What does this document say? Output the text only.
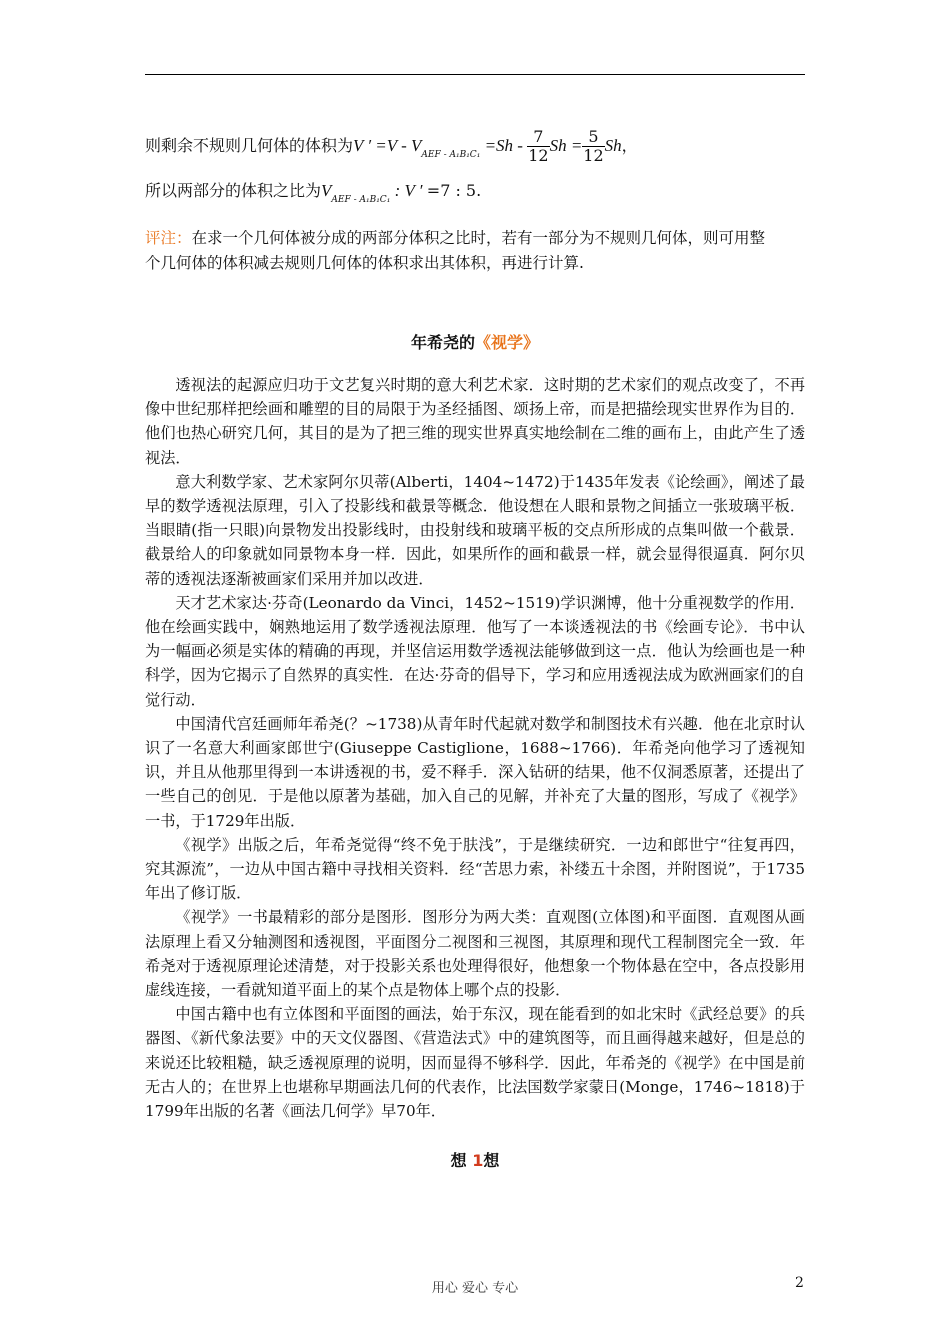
则剩余不规则几何体的体积为V ′ $=V - V_{AEF - A_1B_1C_1} =Sh - \frac{7}{12}$ $Sh = \frac{5}{12}$ Sh，
所以两部分的体积之比为$V_{AEF - A_1B_1C_1}$ : V ′ =7 : 5.
评注：在求一个几何体被分成的两部分体积之比时，若有一部分为不规则几何体，则可用整
个几何体的体积减去规则几何体的体积求出其体积，再进行计算.
年希尧的《视学》

透视法的起源应归功于文艺复兴时期的意大利艺术家．这时期的艺术家们的观点改变了，不再像中世纪那样把绘画和雕塑的目的局限于为圣经插图、颂扬上帝，而是把描绘现实世界作为目的．他们也热心研究几何，其目的是为了把三维的现实世界真实地绘制在二维的画布上，由此产生了透视法．

意大利数学家、艺术家阿尔贝蒂(Alberti，1404~1472)于1435年发表《论绘画》，阐述了最早的数学透视法原理，引入了投影线和截景等概念．他设想在人眼和景物之间插立一张玻璃平板．当眼睛(指一只眼)向景物发出投影线时，由投射线和玻璃平板的交点所形成的点集叫做一个截景．截景给人的印象就如同景物本身一样．因此，如果所作的画和截景一样，就会显得很逼真．阿尔贝蒂的透视法逐渐被画家们采用并加以改进．

天才艺术家达·芬奇(Leonardo da Vinci，1452~1519)学识渊博，他十分重视数学的作用．他在绘画实践中，娴熟地运用了数学透视法原理．他写了一本谈透视法的书《绘画专论》．书中认为一幅画必须是实体的精确的再现，并坚信运用数学透视法能够做到这一点．他认为绘画也是一种科学，因为它揭示了自然界的真实性．在达·芬奇的倡导下，学习和应用透视法成为欧洲画家们的自觉行动．

中国清代宫廷画师年希尧(？~1738)从青年时代起就对数学和制图技术有兴趣．他在北京时认识了一名意大利画家郎世宁(Giuseppe Castiglione，1688~1766)．年希尧向他学习了透视知识，并且从他那里得到一本讲透视的书，爱不释手．深入钻研的结果，他不仅洞悉原著，还提出了一些自己的创见．于是他以原著为基础，加入自己的见解，并补充了大量的图形，写成了《视学》一书，于1729年出版．

《视学》出版之后，年希尧觉得“终不免于肤浅”，于是继续研究．一边和郎世宁“往复再四，究其源流”，一边从中国古籍中寻找相关资料．经“苦思力索，补缕五十余图，并附图说”，于1735年出了修订版．

《视学》一书最精彩的部分是图形．图形分为两大类：直观图(立体图)和平面图．直观图从画法原理上看又分轴测图和透视图，平面图分二视图和三视图，其原理和现代工程制图完全一致．年希尧对于透视原理论述清楚，对于投影关系也处理得很好，他想象一个物体悬在空中，各点投影用虚线连接，一看就知道平面上的某个点是物体上哪个点的投影．

中国古籍中也有立体图和平面图的画法，始于东汉，现在能看到的如北宋时《武经总要》的兵器图、《新代象法要》中的天文仪器图、《营造法式》中的建筑图等，而且画得越来越好，但是总的来说还比较粗糙，缺乏透视原理的说明，因而显得不够科学．因此，年希尧的《视学》在中国是前无古人的；在世界上也堪称早期画法几何的代表作，比法国数学家蒙日(Monge，1746~1818)于1799年出版的名著《画法几何学》早70年．

想 1想
用心 爱心 专心	2
